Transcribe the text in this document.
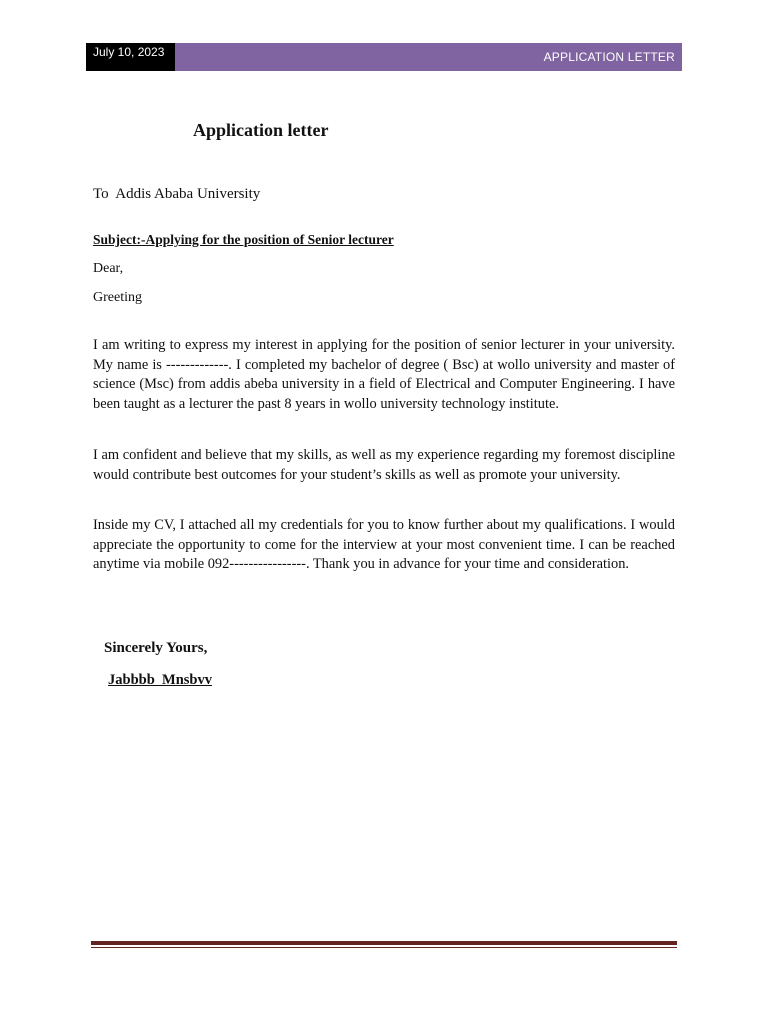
July 10, 2023	APPLICATION LETTER
Application letter
To  Addis Ababa University
Subject:-Applying for the position of Senior lecturer
Dear,
Greeting

I am writing to express my interest in applying for the position of senior lecturer in your university. My name is -------------. I completed my bachelor of degree ( Bsc) at wollo university and master of science (Msc) from addis abeba university in a field of Electrical and Computer Engineering. I have been taught as a lecturer the past 8 years in wollo university technology institute.

I am confident and believe that my skills, as well as my experience regarding my foremost discipline would contribute best outcomes for your student’s skills as well as promote your university.

Inside my CV, I attached all my credentials for you to know further about my qualifications. I would appreciate the opportunity to come for the interview at your most convenient time. I can be reached anytime via mobile 092----------------. Thank you in advance for your time and consideration.

Sincerely Yours,
Jabbbb  Mnsbvv
